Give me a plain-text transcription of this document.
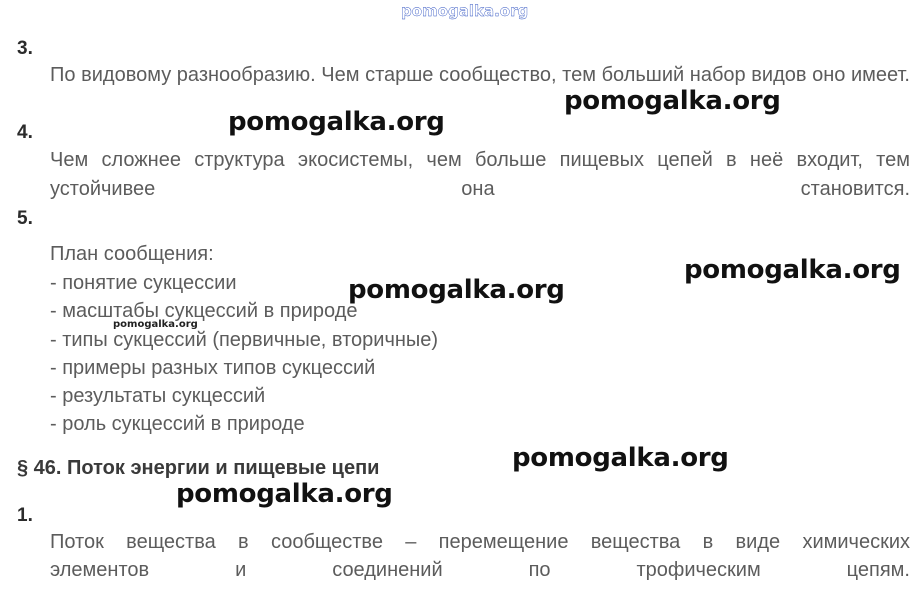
pomogalka.org
3.
По видовому разнообразию. Чем старше сообщество, тем больший набор видов оно имеет.
4.
Чем сложнее структура экосистемы, чем больше пищевых цепей в неё входит, тем устойчивее она становится.
5.
План сообщения:
- понятие сукцессии
- масштабы сукцессий в природе
- типы сукцессий (первичные, вторичные)
- примеры разных типов сукцессий
- результаты сукцессий
- роль сукцессий в природе
§ 46. Поток энергии и пищевые цепи
1.
Поток вещества в сообществе – перемещение вещества в виде химических
элементов и соединений по трофическим цепям.
pomogalka.org
pomogalka.org
pomogalka.org
pomogalka.org
pomogalka.org
pomogalka.org
pomogalka.org
